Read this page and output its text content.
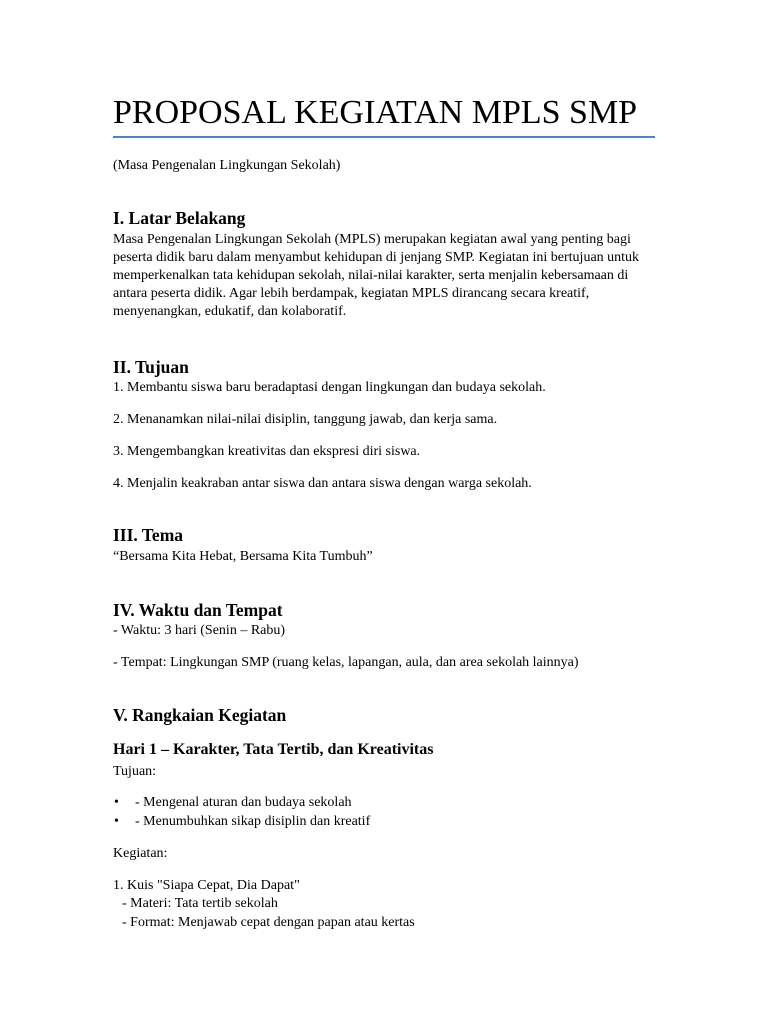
PROPOSAL KEGIATAN MPLS SMP
(Masa Pengenalan Lingkungan Sekolah)
I. Latar Belakang
Masa Pengenalan Lingkungan Sekolah (MPLS) merupakan kegiatan awal yang penting bagi
peserta didik baru dalam menyambut kehidupan di jenjang SMP. Kegiatan ini bertujuan untuk
memperkenalkan tata kehidupan sekolah, nilai-nilai karakter, serta menjalin kebersamaan di
antara peserta didik. Agar lebih berdampak, kegiatan MPLS dirancang secara kreatif,
menyenangkan, edukatif, dan kolaboratif.
II. Tujuan
1. Membantu siswa baru beradaptasi dengan lingkungan dan budaya sekolah.
2. Menanamkan nilai-nilai disiplin, tanggung jawab, dan kerja sama.
3. Mengembangkan kreativitas dan ekspresi diri siswa.
4. Menjalin keakraban antar siswa dan antara siswa dengan warga sekolah.
III. Tema
“Bersama Kita Hebat, Bersama Kita Tumbuh”
IV. Waktu dan Tempat
- Waktu: 3 hari (Senin – Rabu)
- Tempat: Lingkungan SMP (ruang kelas, lapangan, aula, dan area sekolah lainnya)
V. Rangkaian Kegiatan
Hari 1 – Karakter, Tata Tertib, dan Kreativitas
Tujuan:
• - Mengenal aturan dan budaya sekolah
• - Menumbuhkan sikap disiplin dan kreatif
Kegiatan:
1. Kuis "Siapa Cepat, Dia Dapat"
- Materi: Tata tertib sekolah
- Format: Menjawab cepat dengan papan atau kertas
